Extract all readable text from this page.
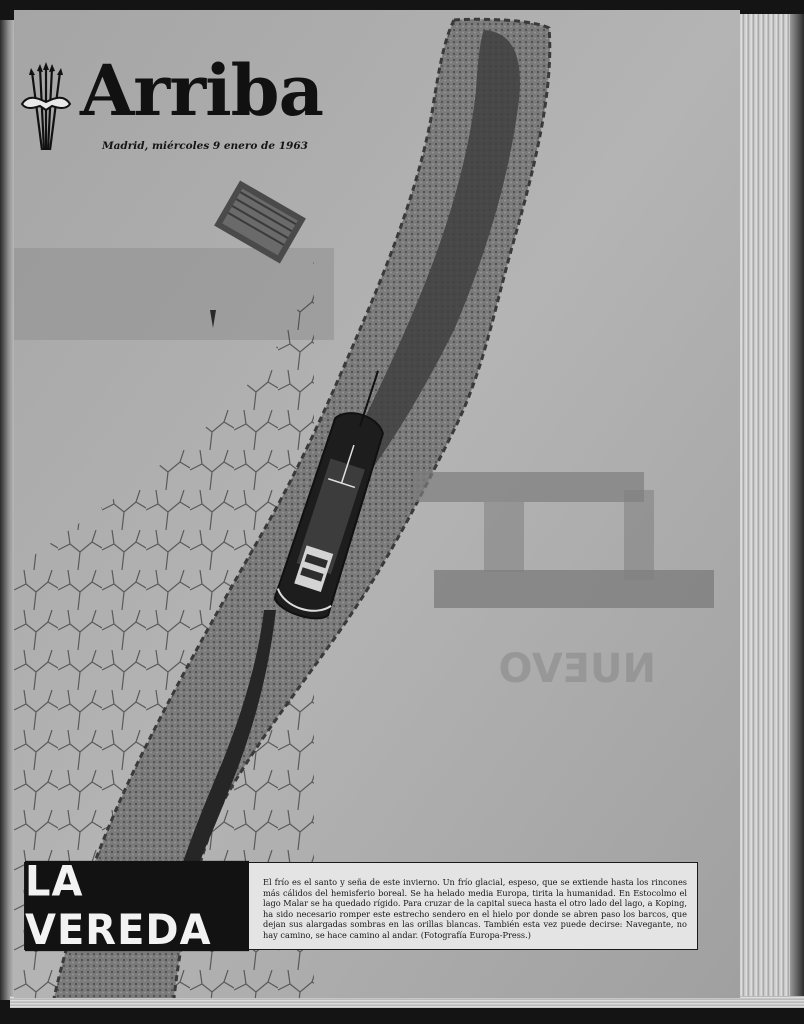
NUEVO
Arriba
Madrid, miércoles 9 enero de 1963
LA VEREDA

El frío es el santo y seña de este invierno. Un frío glacial, espeso, que se extiende hasta los rincones más cálidos del hemisferio boreal. Se ha helado media Europa, tirita la humanidad. En Estocolmo el lago Malar se ha quedado rígido. Para cruzar de la capital sueca hasta el otro lado del lago, a Koping, ha sido necesario romper este estrecho sendero en el hielo por donde se abren paso los barcos, que dejan sus alargadas sombras en las orillas blancas. También esta vez puede decirse: Navegante, no hay camino, se hace camino al andar. (Fotografía Europa-Press.)
